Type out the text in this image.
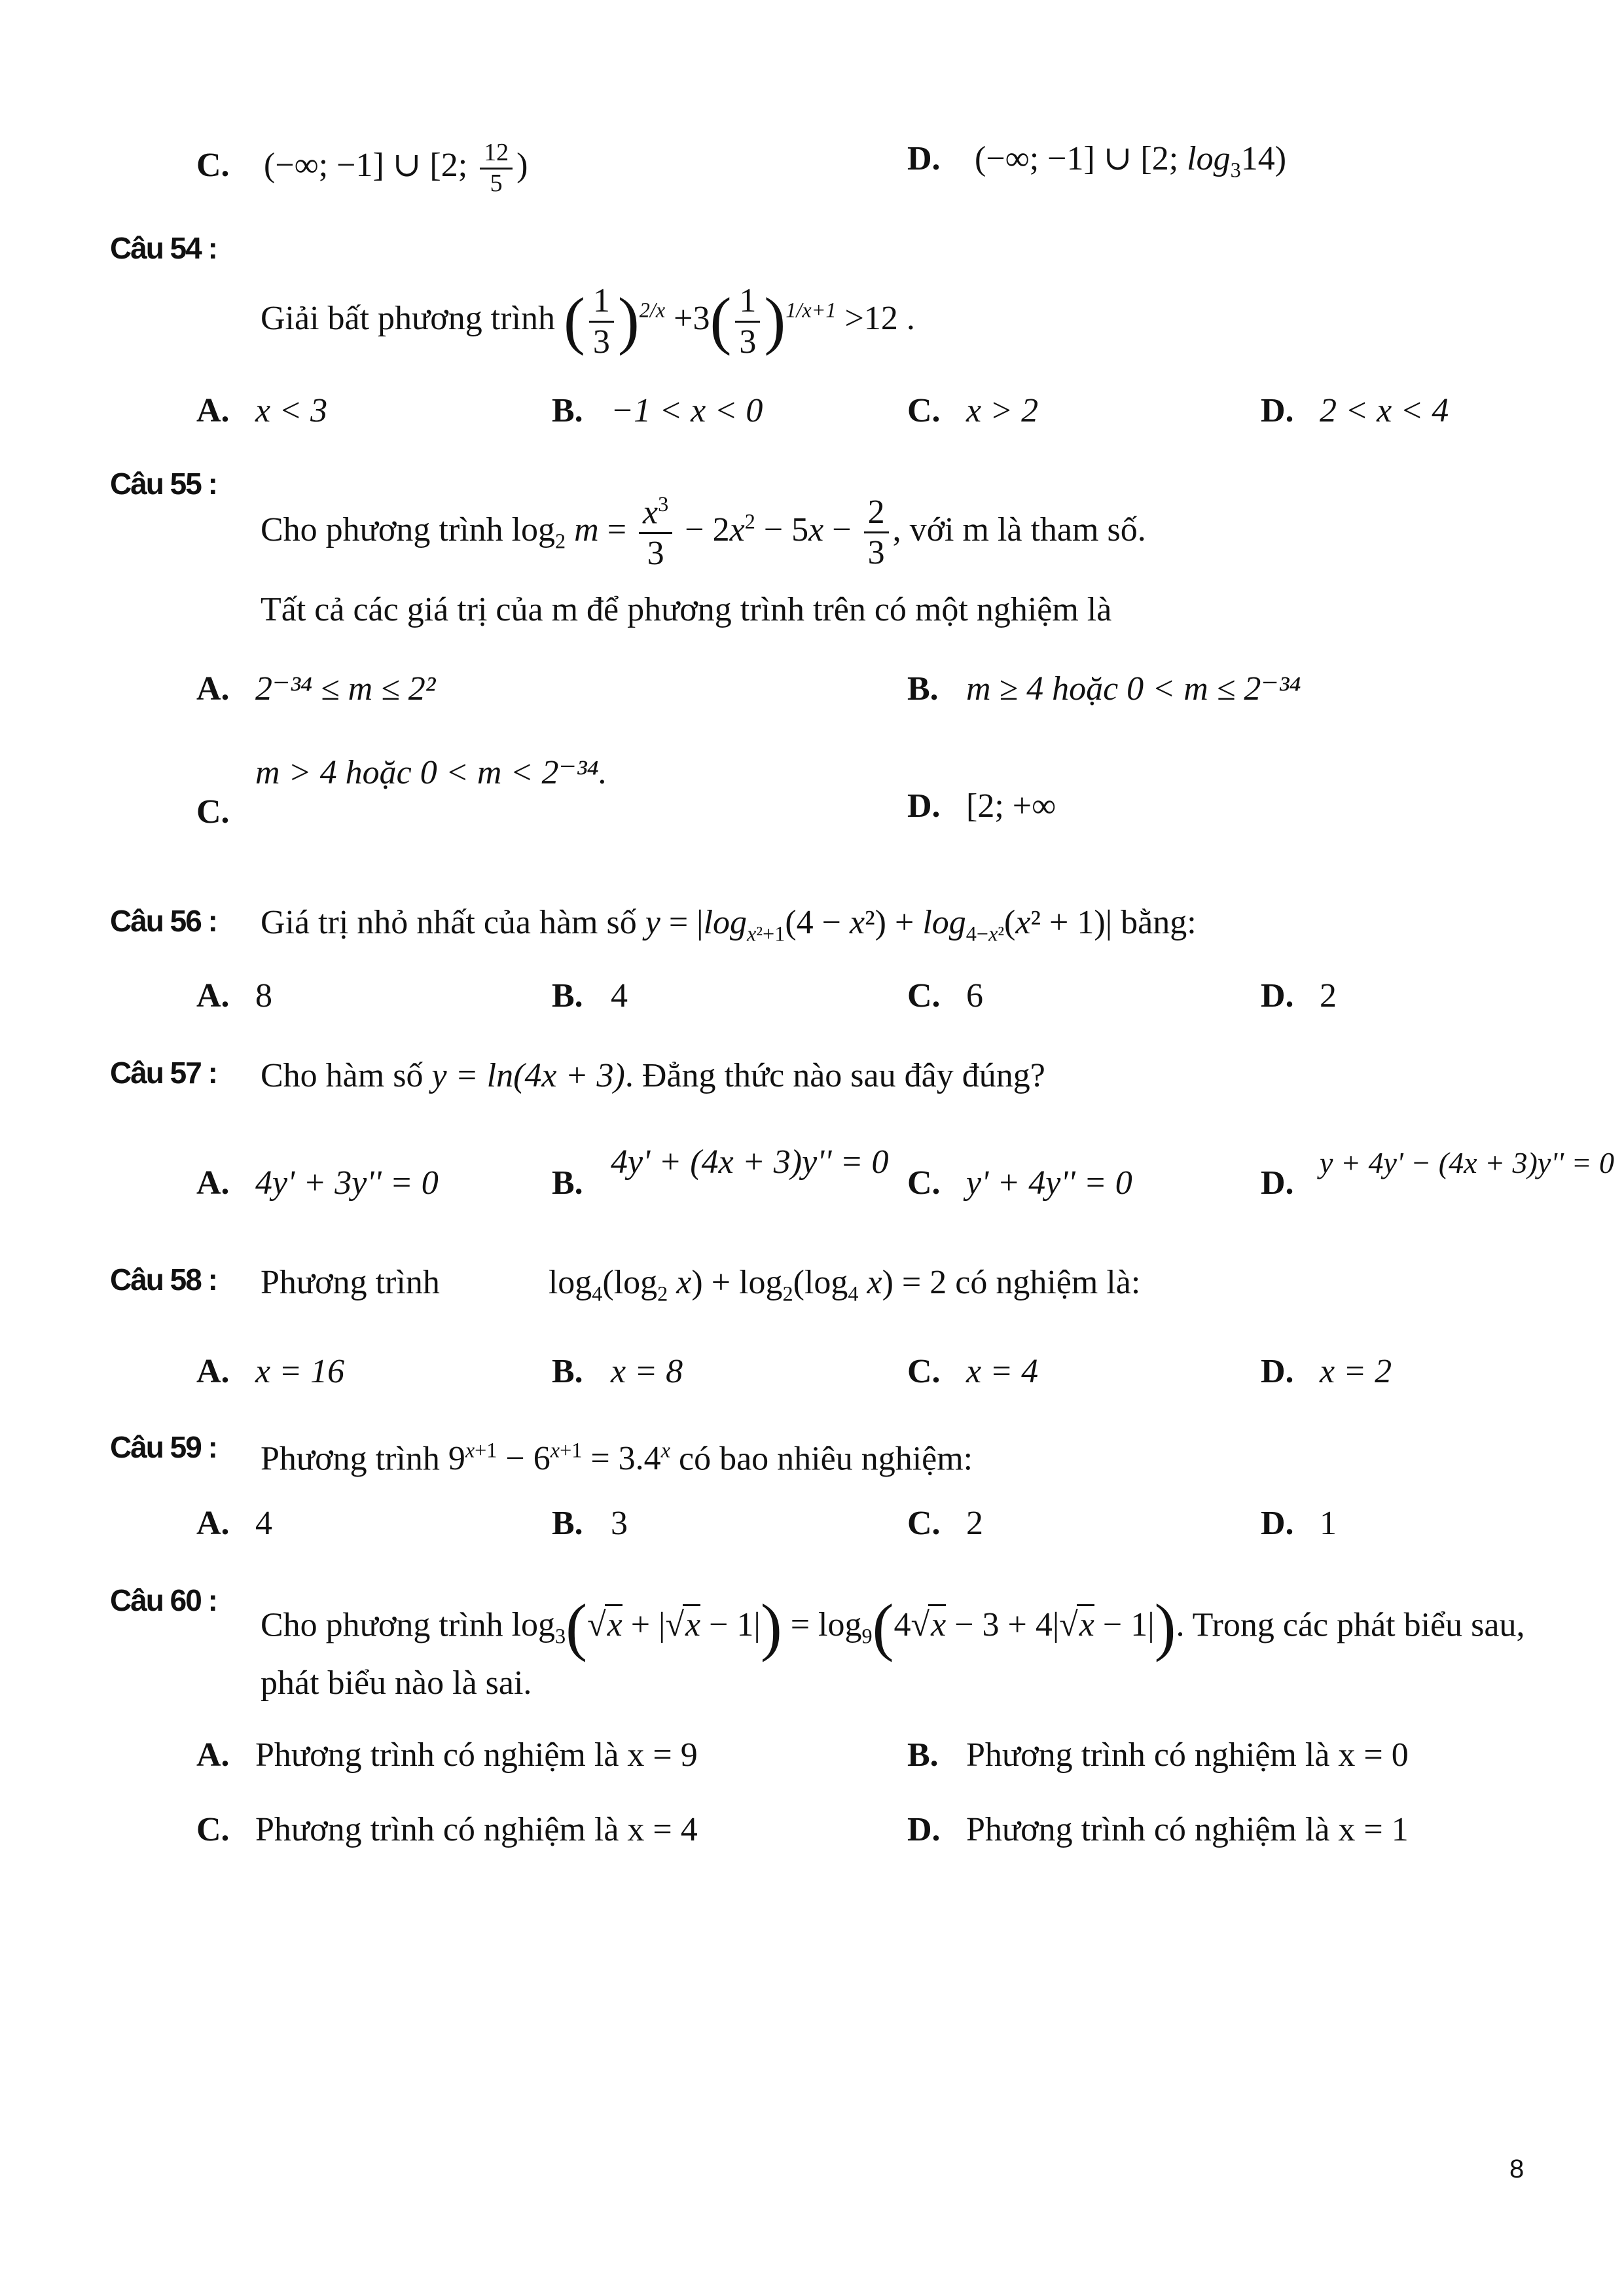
C. (−∞; −1] ∪ [2; $\frac{12}{5}$ )	D. (−∞; −1] ∪ [2; $\log_314$)
Câu 54 :
Giải bất phương trình ( $\frac{1}{3} )^{2/x} +3( \frac{1}{3} )^{1/x+1} >12$ .
A. x < 3	B. −1 < x < 0	C. x > 2	D. 2 < x < 4
Câu 55 :
Cho phương trình $\log_2 m = \frac{x^3}{3} - 2x^2 - 5x - \frac{2}{3}$ , với m là tham số.
Tất cả các giá trị của m để phương trình trên có một nghiệm là
A. 2⁻³⁴ ≤ m ≤ 2²	B. m ≥ 4 hoặc 0 < m ≤ 2⁻³⁴
C.m > 4 hoặc 0 < m < 2⁻³⁴.
D. [2; +∞
Câu 56 : Giá trị nhỏ nhất của hàm số $y = |\log_{x^2+1}(4 - x^2) + \log_{4-x^2}(x^2 + 1)|$ bằng:
A. 8	B. 4	C. 6	D. 2
Câu 57 : Cho hàm số y = ln(4x + 3). Đẳng thức nào sau đây đúng?
A. 4y' + 3y'' = 0	B.4y' + (4x + 3)y'' = 0
C. y' + 4y'' = 0	D.y + 4y' − (4x + 3)y'' = 0
Câu 58 : Phương trình	$\log_4(\log_2$ $x) + \log_2(\log_4$ x) = 2 có nghiệm là:
A. x = 16	B. x = 8	C. x = 4	D. x = 2
Câu 59 : Phương trình $9^{x+1} - 6^{x+1} = 3.4^x$ có bao nhiêu nghiệm:
A. 4	B. 3	C. 2	D. 1
Câu 60 :
Cho phương trình $\log_3(√x + |√x - 1|) = \log_9(4√x - 3 + 4|√x - 1|)$. Trong các phát biểu sau,
phát biểu nào là sai.
A. Phương trình có nghiệm là x = 9	B. Phương trình có nghiệm là x = 0
C. Phương trình có nghiệm là x = 4	D. Phương trình có nghiệm là x = 1
8
